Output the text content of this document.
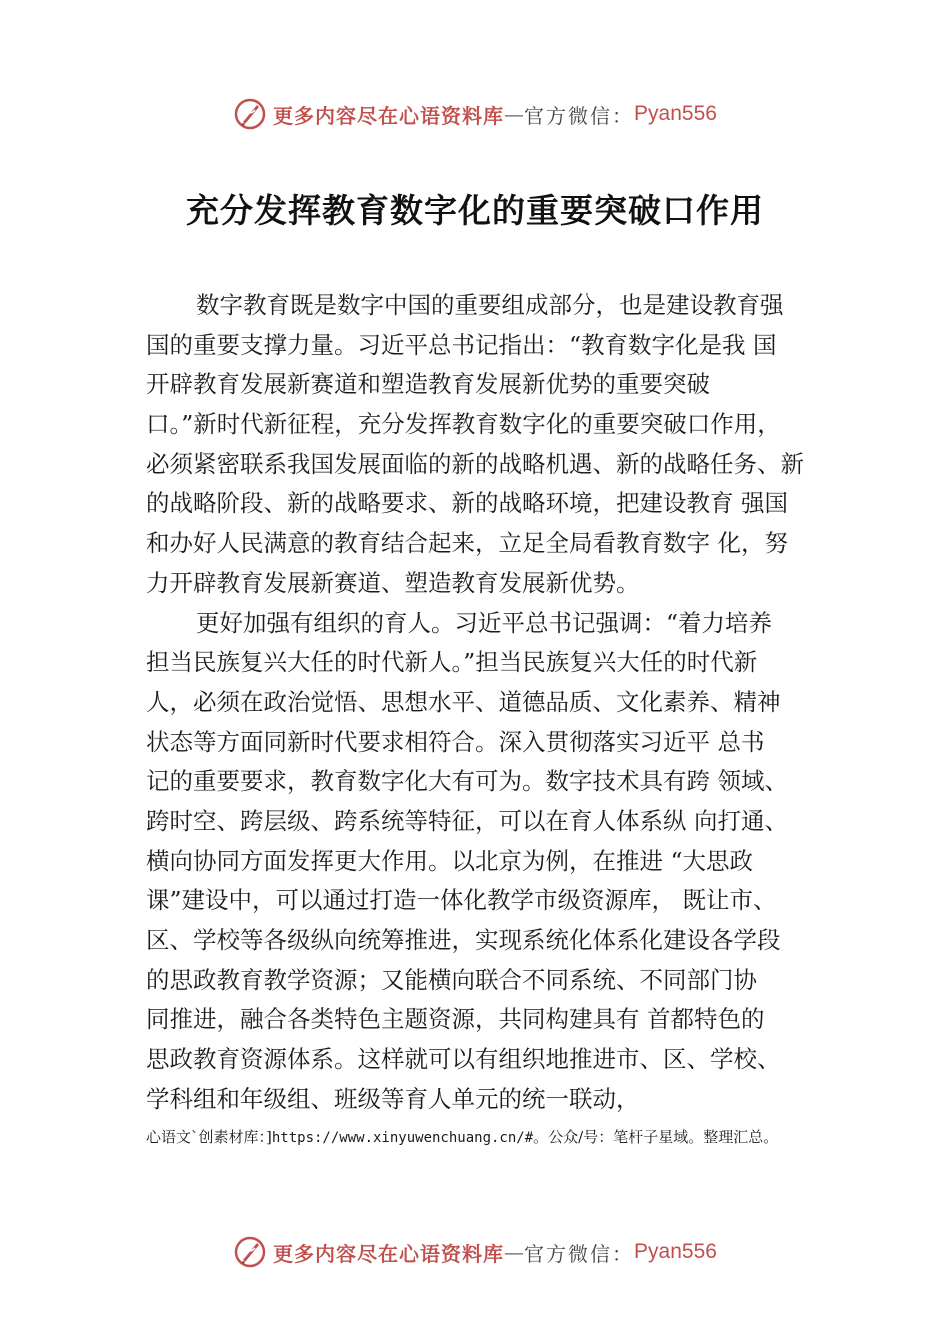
更多内容尽在心语资料库 — 官方微信： Pyan556
充分发挥教育数字化的重要突破口作用
数字教育既是数字中国的重要组成部分，也是建设教育强
国的重要支撑力量。习近平总书记指出：“教育数字化是我 国
开辟教育发展新赛道和塑造教育发展新优势的重要突破
口。”新时代新征程，充分发挥教育数字化的重要突破口作用，
必须紧密联系我国发展面临的新的战略机遇、新的战略任务、新
的战略阶段、新的战略要求、新的战略环境，把建设教育 强国
和办好人民满意的教育结合起来，立足全局看教育数字 化，努
力开辟教育发展新赛道、塑造教育发展新优势。
更好加强有组织的育人。习近平总书记强调：“着力培养
担当民族复兴大任的时代新人。”担当民族复兴大任的时代新
人，必须在政治觉悟、思想水平、道德品质、文化素养、精神
状态等方面同新时代要求相符合。深入贯彻落实习近平 总书
记的重要要求，教育数字化大有可为。数字技术具有跨 领域、
跨时空、跨层级、跨系统等特征，可以在育人体系纵 向打通、
横向协同方面发挥更大作用。以北京为例，在推进 “大思政
课”建设中，可以通过打造一体化教学市级资源库， 既让市、
区、学校等各级纵向统筹推进，实现系统化体系化建设各学段
的思政教育教学资源；又能横向联合不同系统、不同部门协
同推进，融合各类特色主题资源，共同构建具有 首都特色的
思政教育资源体系。这样就可以有组织地推进市、区、学校、
学科组和年级组、班级等育人单元的统一联动，
心语文`创素材库：]https://www.xinyuwenchuang.cn/#。公众/号：笔杆子星域。整理汇总。
更多内容尽在心语资料库 — 官方微信： Pyan556
